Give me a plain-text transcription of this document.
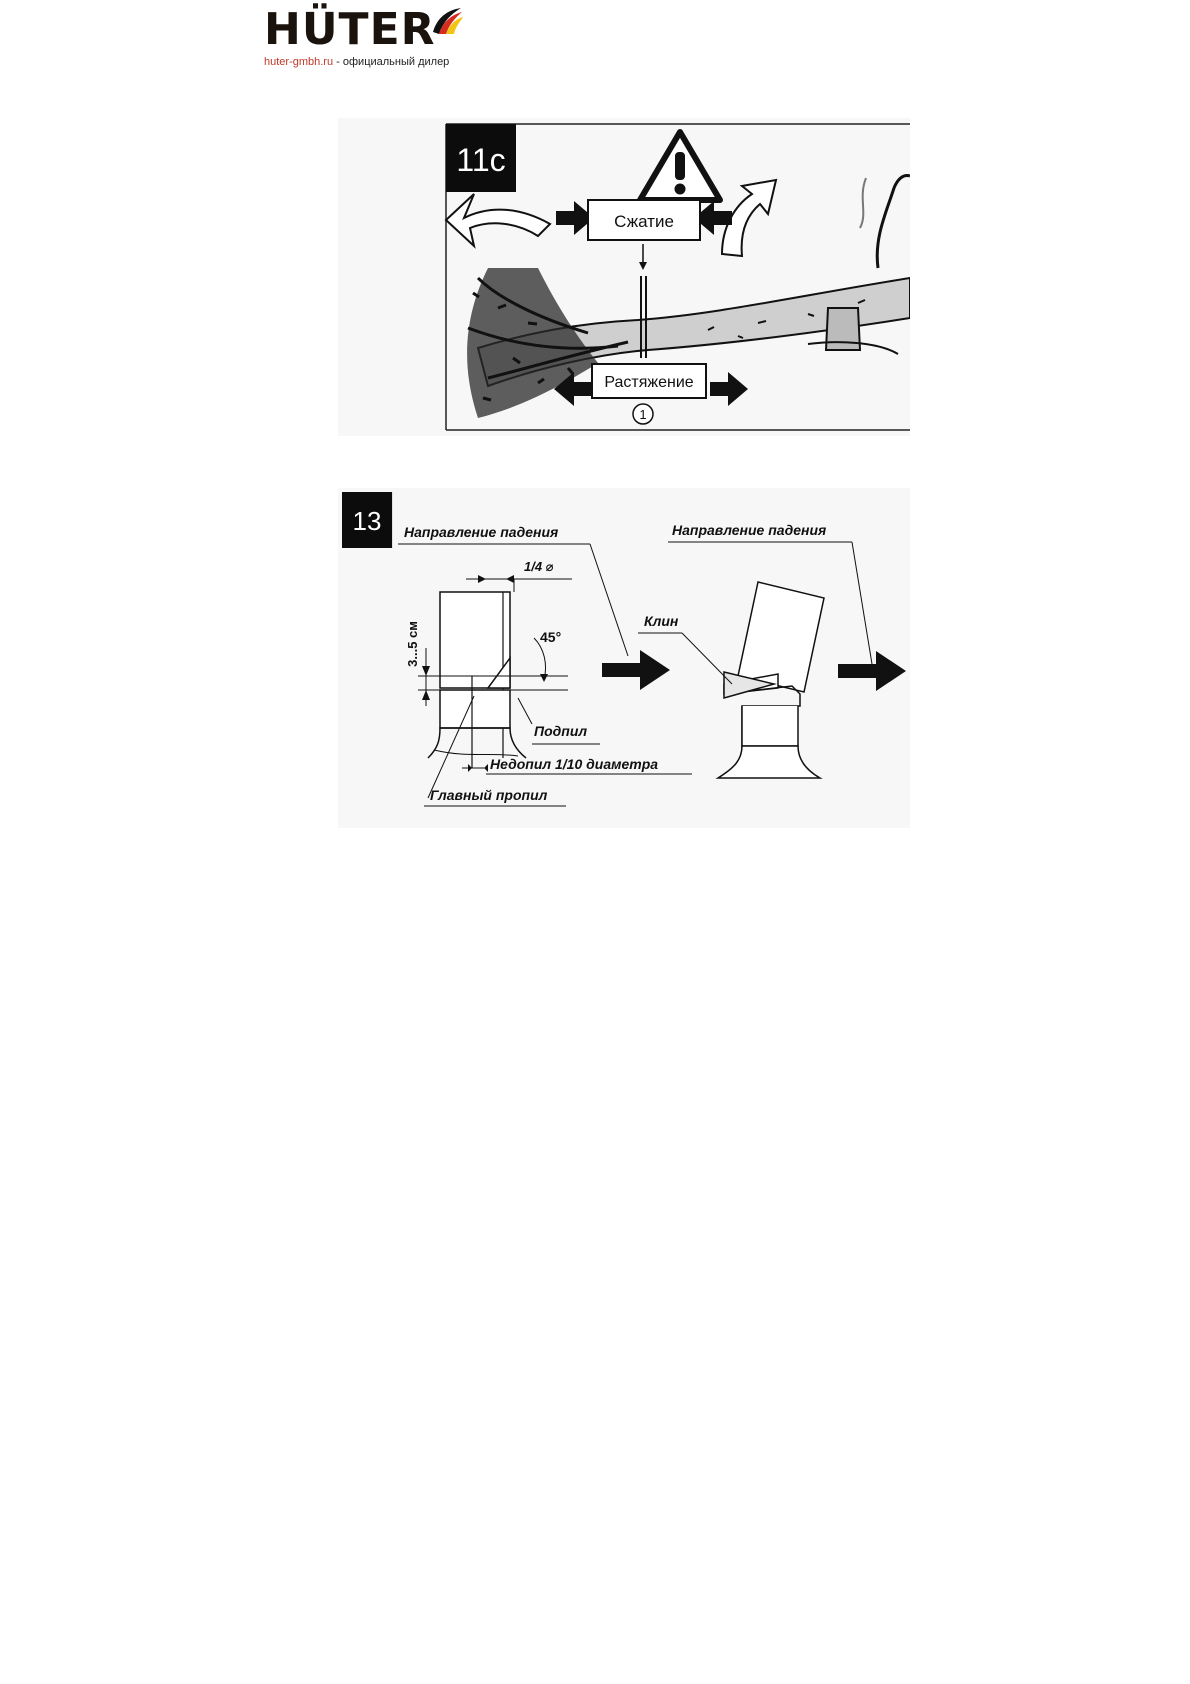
HÜTER
huter-gmbh.ru - официальный дилер
11c
Сжатие
Растяжение
1
13 Направление падения
1/4 ⌀
3...5 см	45°
Подпил
Недопил 1/10 диаметра
Главный пропил
Направление падения
Клин
